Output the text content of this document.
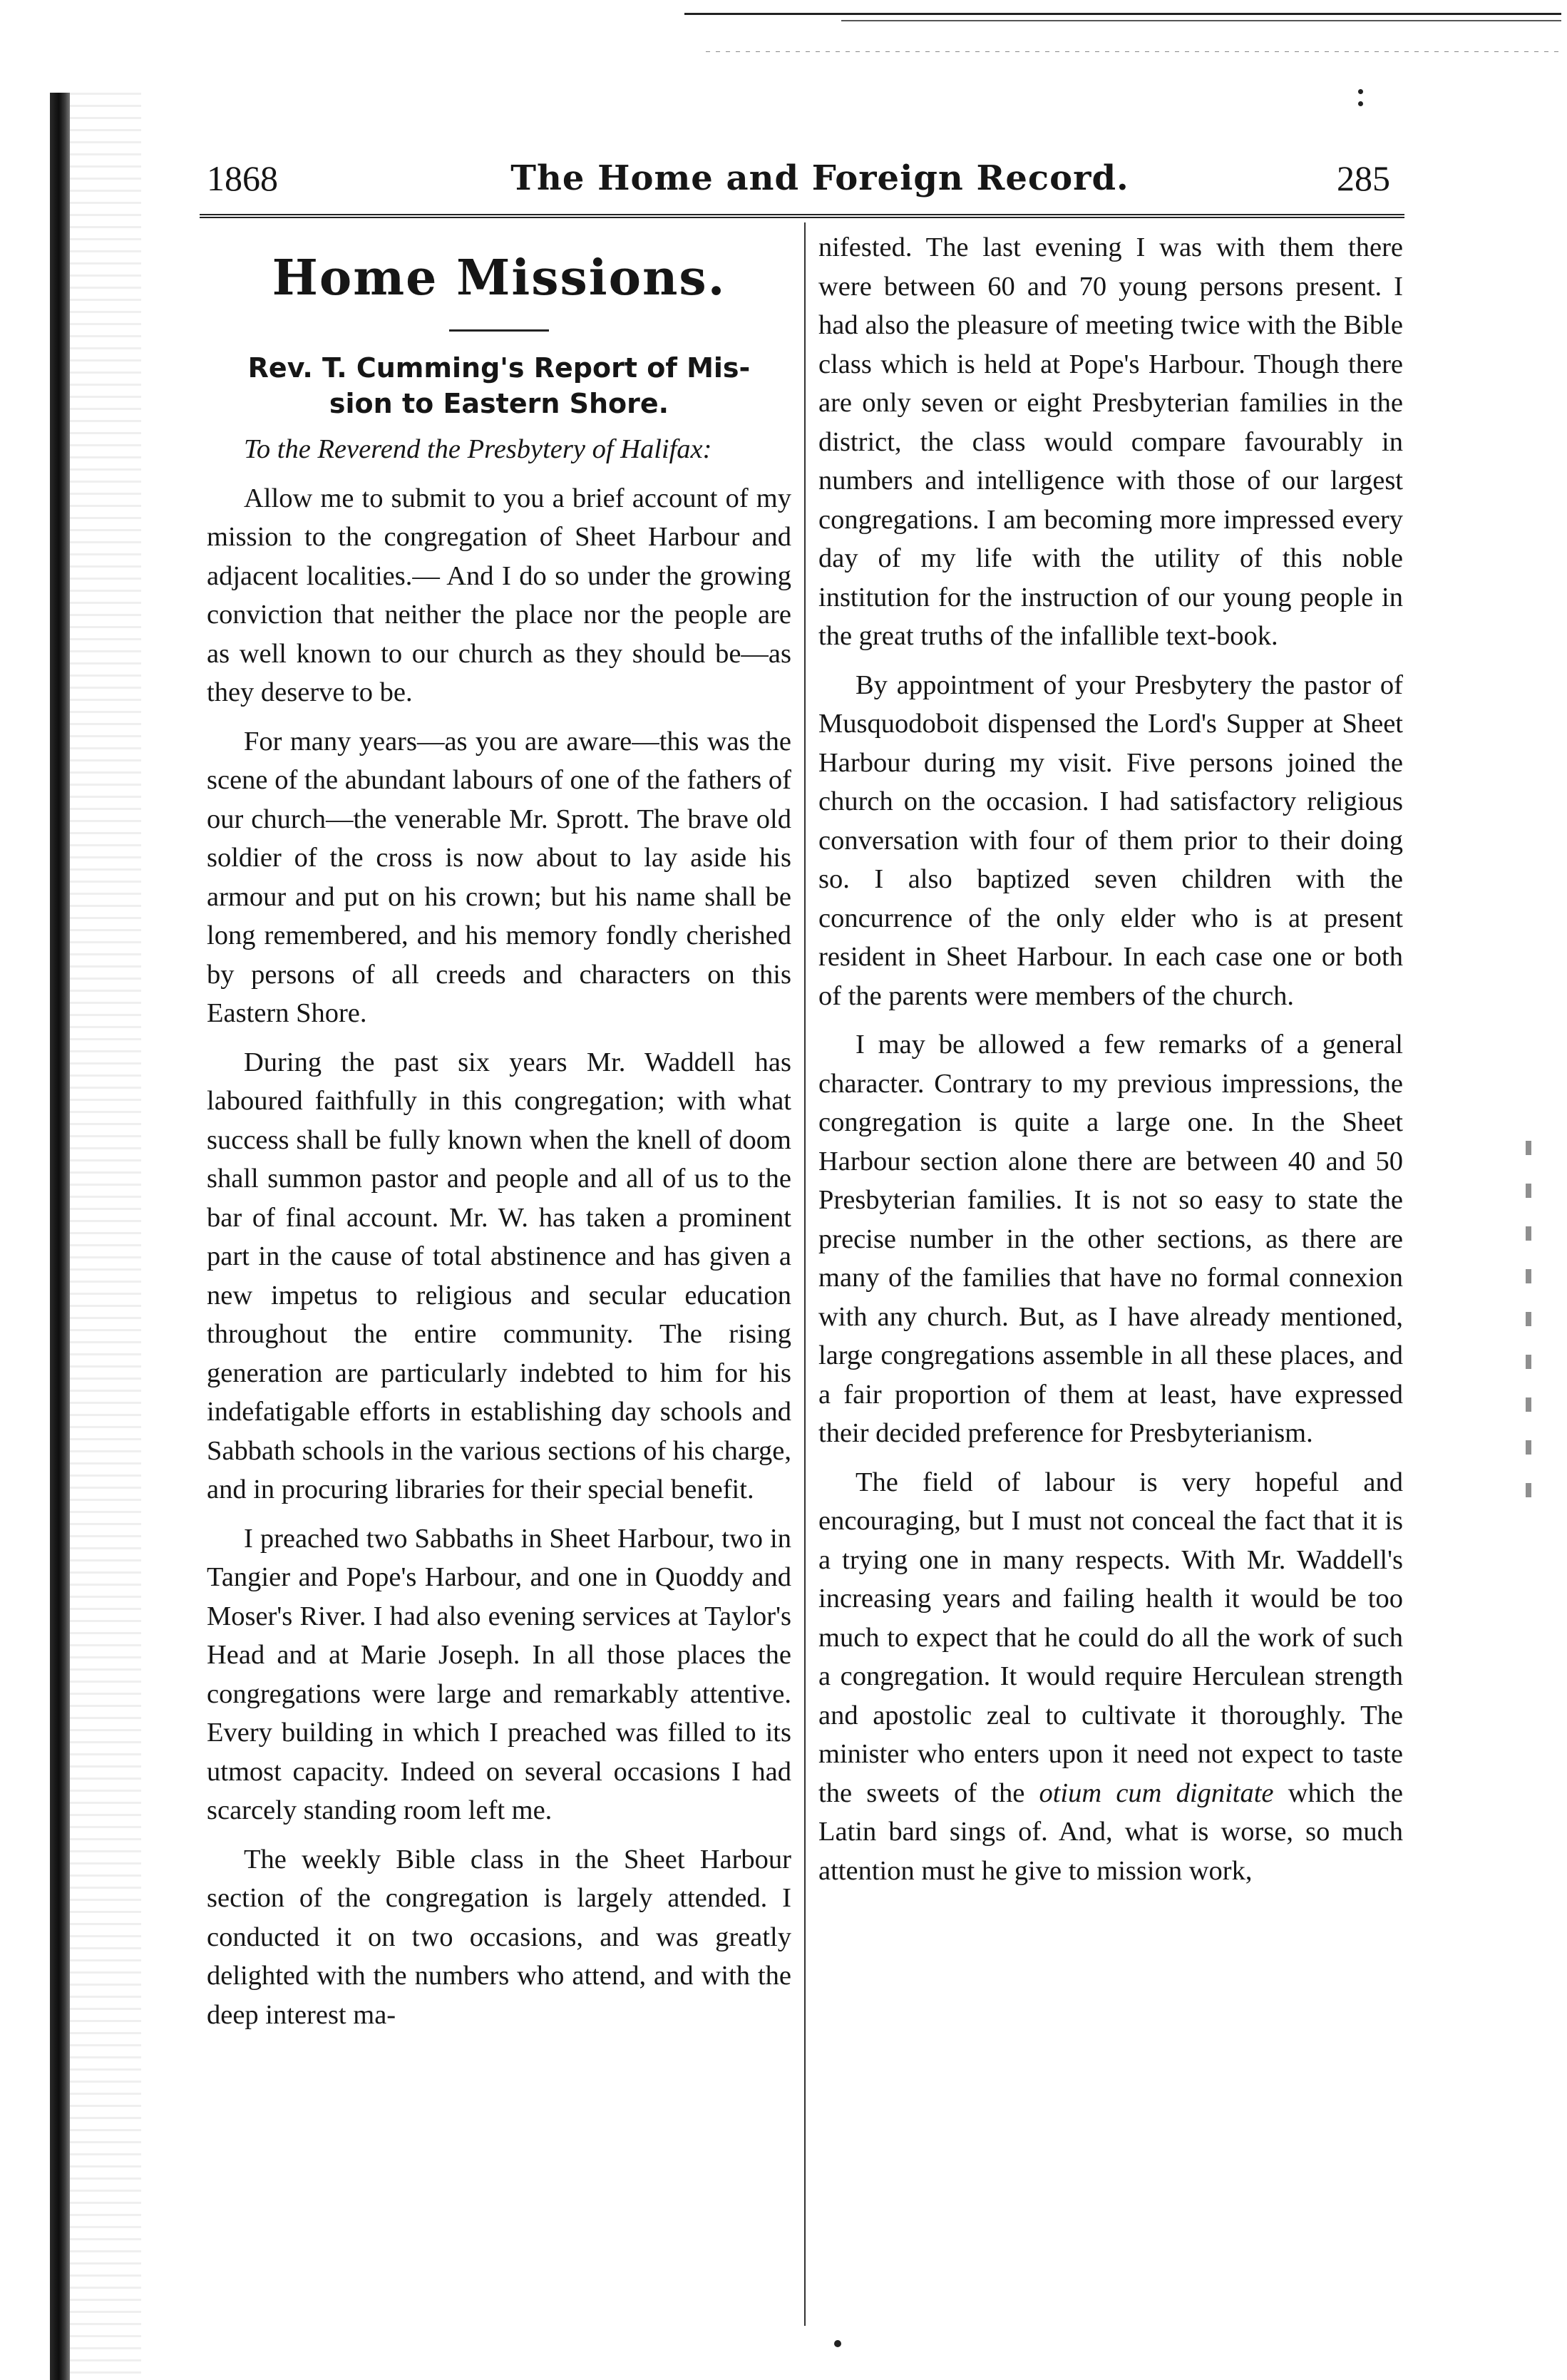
1868	The Home and Foreign Record.	285
Home Missions.
Rev. T. Cumming's Report of Mis-
sion to Eastern Shore.

To the Reverend the Presbytery of Halifax:

Allow me to submit to you a brief account of my mission to the congregation of Sheet Harbour and adjacent localities.— And I do so under the growing conviction that neither the place nor the people are as well known to our church as they should be—as they deserve to be.

For many years—as you are aware—this was the scene of the abundant labours of one of the fathers of our church—the venerable Mr. Sprott. The brave old soldier of the cross is now about to lay aside his armour and put on his crown; but his name shall be long remembered, and his memory fondly cherished by persons of all creeds and characters on this Eastern Shore.

During the past six years Mr. Waddell has laboured faithfully in this congregation; with what success shall be fully known when the knell of doom shall summon pastor and people and all of us to the bar of final account. Mr. W. has taken a prominent part in the cause of total abstinence and has given a new impetus to religious and secular education throughout the entire community. The rising generation are particularly indebted to him for his indefatigable efforts in establishing day schools and Sabbath schools in the various sections of his charge, and in procuring libraries for their special benefit.

I preached two Sabbaths in Sheet Harbour, two in Tangier and Pope's Harbour, and one in Quoddy and Moser's River. I had also evening services at Taylor's Head and at Marie Joseph. In all those places the congregations were large and remarkably attentive. Every building in which I preached was filled to its utmost capacity. Indeed on several occasions I had scarcely standing room left me.

The weekly Bible class in the Sheet Harbour section of the congregation is largely attended. I conducted it on two occasions, and was greatly delighted with the numbers who attend, and with the deep interest ma-

nifested. The last evening I was with them there were between 60 and 70 young persons present. I had also the pleasure of meeting twice with the Bible class which is held at Pope's Harbour. Though there are only seven or eight Presbyterian families in the district, the class would compare favourably in numbers and intelligence with those of our largest congregations. I am becoming more impressed every day of my life with the utility of this noble institution for the instruction of our young people in the great truths of the infallible text-book.

By appointment of your Presbytery the pastor of Musquodoboit dispensed the Lord's Supper at Sheet Harbour during my visit. Five persons joined the church on the occasion. I had satisfactory religious conversation with four of them prior to their doing so. I also baptized seven children with the concurrence of the only elder who is at present resident in Sheet Harbour. In each case one or both of the parents were members of the church.

I may be allowed a few remarks of a general character. Contrary to my previous impressions, the congregation is quite a large one. In the Sheet Harbour section alone there are between 40 and 50 Presbyterian families. It is not so easy to state the precise number in the other sections, as there are many of the families that have no formal connexion with any church. But, as I have already mentioned, large congregations assemble in all these places, and a fair proportion of them at least, have expressed their decided preference for Presbyterianism.

The field of labour is very hopeful and encouraging, but I must not conceal the fact that it is a trying one in many respects. With Mr. Waddell's increasing years and failing health it would be too much to expect that he could do all the work of such a congregation. It would require Herculean strength and apostolic zeal to cultivate it thoroughly. The minister who enters upon it need not expect to taste the sweets of the otium cum dignitate which the Latin bard sings of. And, what is worse, so much attention must he give to mission work,
